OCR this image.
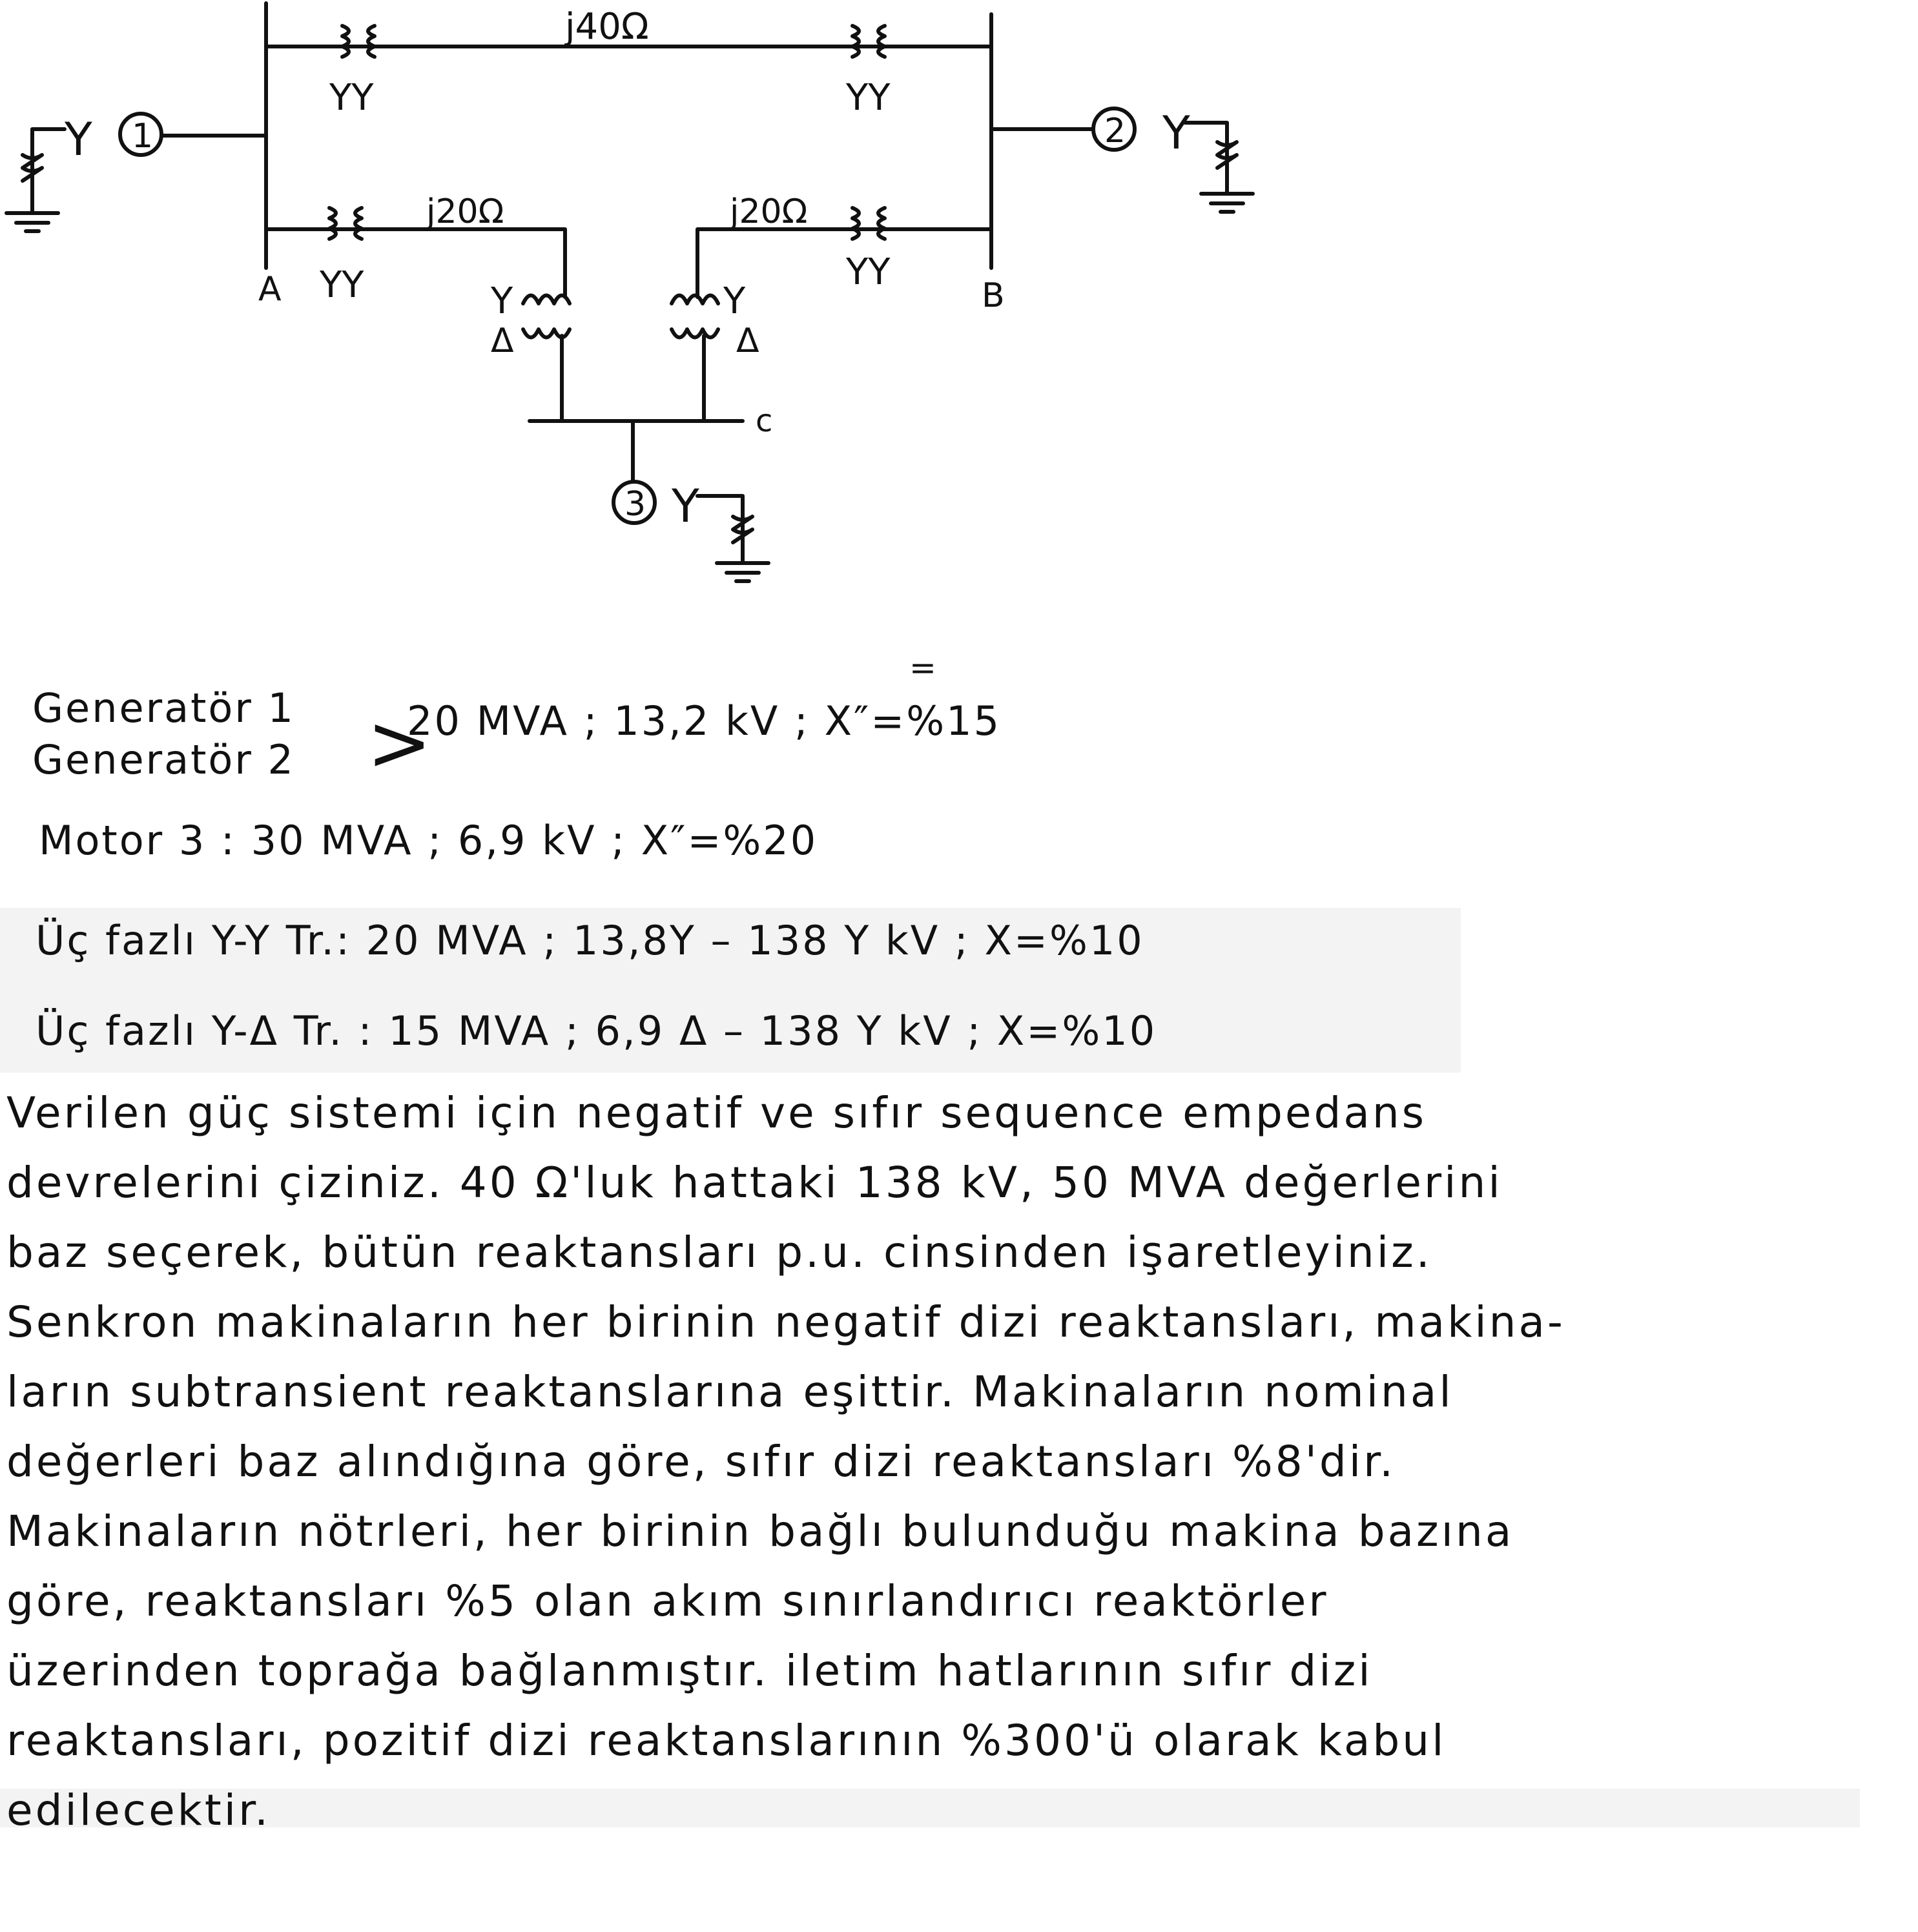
1
Y	2 Y
YY	YY
j40Ω
YY
j20Ω
A	YY
j20Ω
B
Y
Δ
Y
Δ
c
3 Y
=
Generatör 1
Generatör 2 >
20 MVA ; 13,2 kV ; X″=%15
Motor 3 : 30 MVA ; 6,9 kV ; X″=%20
Üç fazlı Y-Y Tr.: 20 MVA ; 13,8Y – 138 Y kV ; X=%10
Üç fazlı Y-Δ Tr. : 15 MVA ; 6,9 Δ – 138 Y kV ; X=%10
Verilen güç sistemi için negatif ve sıfır sequence empedans
devrelerini çiziniz. 40 Ω'luk hattaki 138 kV, 50 MVA değerlerini
baz seçerek, bütün reaktansları p.u. cinsinden işaretleyiniz.
Senkron makinaların her birinin negatif dizi reaktansları, makina-
ların subtransient reaktanslarına eşittir. Makinaların nominal
değerleri baz alındığına göre, sıfır dizi reaktansları %8'dir.
Makinaların nötrleri, her birinin bağlı bulunduğu makina bazına
göre, reaktansları %5 olan akım sınırlandırıcı reaktörler
üzerinden toprağa bağlanmıştır. iletim hatlarının sıfır dizi
reaktansları, pozitif dizi reaktanslarının %300'ü olarak kabul
edilecektir.
